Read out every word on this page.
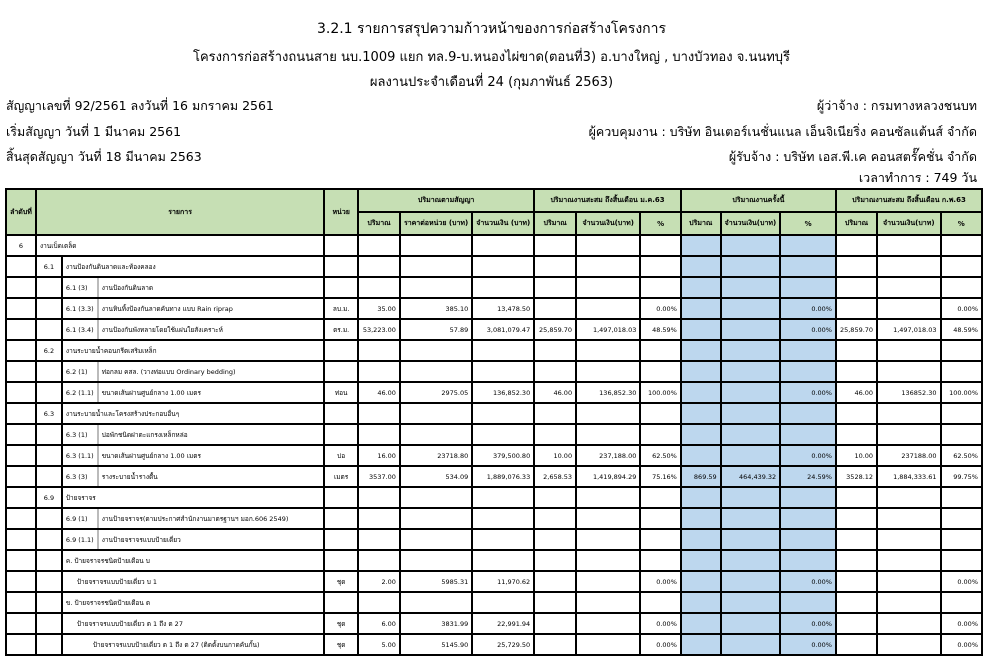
3.2.1 รายการสรุปความก้าวหน้าของการก่อสร้างโครงการ
โครงการก่อสร้างถนนสาย นบ.1009 แยก ทล.9-บ.หนองไผ่ขาด(ตอนที่3) อ.บางใหญ่ , บางบัวทอง จ.นนทบุรี
ผลงานประจำเดือนที่ 24 (กุมภาพันธ์ 2563)
สัญญาเลขที่ 92/2561 ลงวันที่ 16 มกราคม 2561
เริ่มสัญญา วันที่ 1 มีนาคม 2561
สิ้นสุดสัญญา วันที่ 18 มีนาคม 2563
ผู้ว่าจ้าง : กรมทางหลวงชนบท
ผู้ควบคุมงาน : บริษัท อินเตอร์เนชั่นแนล เอ็นจิเนียริ่ง คอนซัลแต้นส์ จำกัด
ผู้รับจ้าง : บริษัท เอส.พี.เค คอนสตรั๊คชั่น จำกัด
เวลาทำการ : 749 วัน
ลำดับที่	รายการ			หน่วย	ปริมาณตามสัญญา			ปริมาณงานสะสม ถึงสิ้นเดือน ม.ค.63			ปริมาณงานครั้งนี้			ปริมาณงานสะสม ถึงสิ้นเดือน ก.พ.63		
					ปริมาณ	ราคาต่อหน่วย (บาท)	จำนวนเงิน (บาท)	ปริมาณ	จำนวนเงิน(บาท)	%	ปริมาณ	จำนวนเงิน(บาท)	%	ปริมาณ	จำนวนเงิน(บาท)	%
6	งานเบ็ดเตล็ด															
	6.1	งานป้องกันดินลาดและท้องคลอง														
		6.1 (3)	งานป้องกันดินลาด													
		6.1 (3.3)	งานหินทิ้งป้องกันลาดคันทาง แบบ Rain riprap	ลบ.ม.	35.00	385.10	13,478.50			0.00%			0.00%			0.00%
		6.1 (3.4)	งานป้องกันพังทลายโดยใช้แผ่นใยสังเคราะห์	ตร.ม.	53,223.00	57.89	3,081,079.47	25,859.70	1,497,018.03	48.59%			0.00%	25,859.70	1,497,018.03	48.59%
	6.2	งานระบายน้ำคอนกรีตเสริมเหล็ก														
		6.2 (1)	ท่อกลม คสล. (วางท่อแบบ Ordinary bedding)													
		6.2 (1.1)	ขนาดเส้นผ่านศูนย์กลาง 1.00 เมตร	ท่อน	46.00	2975.05	136,852.30	46.00	136,852.30	100.00%			0.00%	46.00	136852.30	100.00%
	6.3	งานระบายน้ำและโครงสร้างประกอบอื่นๆ														
		6.3 (1)	บ่อพักชนิดฝาตะแกรงเหล็กหล่อ													
		6.3 (1.1)	ขนาดเส้นผ่านศูนย์กลาง 1.00 เมตร	บ่อ	16.00	23718.80	379,500.80	10.00	237,188.00	62.50%			0.00%	10.00	237188.00	62.50%
		6.3 (3)	รางระบายน้ำรางตื้น	เมตร	3537.00	534.09	1,889,076.33	2,658.53	1,419,894.29	75.16%	869.59	464,439.32	24.59%	3528.12	1,884,333.61	99.75%
	6.9	ป้ายจราจร														
		6.9 (1)	งานป้ายจราจร(ตามประกาศสำนักงานมาตรฐานฯ มอก.606 2549)													
		6.9 (1.1)	งานป้ายจราจรแบบป้ายเดี่ยว													
		ค. ป้ายจราจรชนิดป้ายเตือน บ														
		ป้ายจราจรแบบป้ายเดี่ยว บ 1		ชุด	2.00	5985.31	11,970.62			0.00%			0.00%			0.00%
		ข. ป้ายจราจรชนิดป้ายเตือน ต														
		ป้ายจราจรแบบป้ายเดี่ยว ต 1 ถึง ต 27		ชุด	6.00	3831.99	22,991.94			0.00%			0.00%			0.00%
		ป้ายจราจรแบบป้ายเดี่ยว ต 1 ถึง ต 27 (ติดตั้งบนกาดคันกั้น)		ชุด	5.00	5145.90	25,729.50			0.00%			0.00%			0.00%
